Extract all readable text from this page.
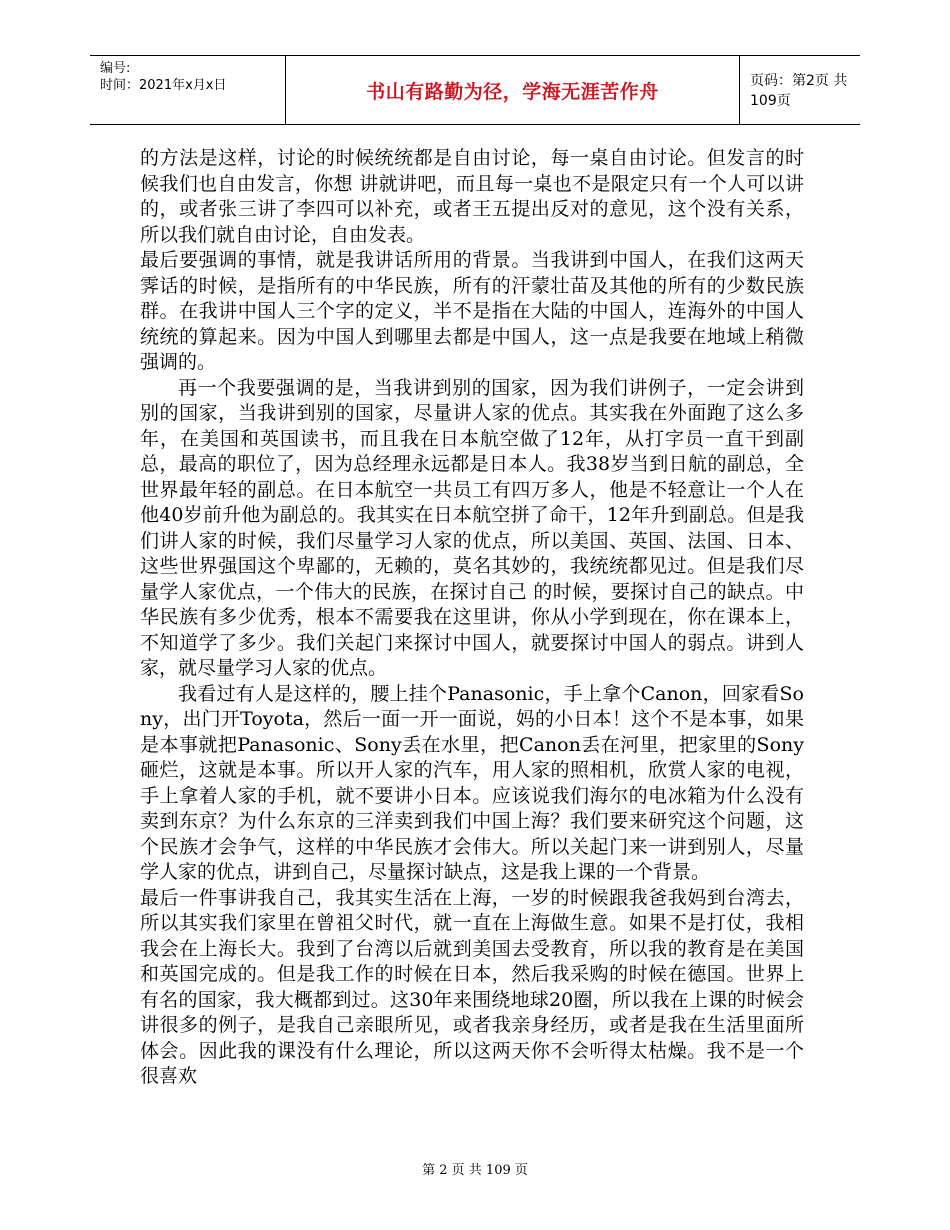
编号:
时间：2021年x月x日	书山有路勤为径，学海无涯苦作舟	页码：第2页 共109页

的方法是这样，讨论的时候统统都是自由讨论，每一桌自由讨论。但发言的时候我们也自由发言，你想 讲就讲吧，而且每一桌也不是限定只有一个人可以讲的，或者张三讲了李四可以补充，或者王五提出反对的意见，这个没有关系，所以我们就自由讨论，自由发表。

最后要强调的事情，就是我讲话所用的背景。当我讲到中国人，在我们这两天霁话的时候，是指所有的中华民族，所有的汗蒙壮苗及其他的所有的少数民族群。在我讲中国人三个字的定义，半不是指在大陆的中国人，连海外的中国人统统的算起来。因为中国人到哪里去都是中国人，这一点是我要在地域上稍微强调的。

再一个我要强调的是，当我讲到别的国家，因为我们讲例子，一定会讲到别的国家，当我讲到别的国家，尽量讲人家的优点。其实我在外面跑了这么多年，在美国和英国读书，而且我在日本航空做了12年，从打字员一直干到副总，最高的职位了，因为总经理永远都是日本人。我38岁当到日航的副总，全世界最年轻的副总。在日本航空一共员工有四万多人，他是不轻意让一个人在他40岁前升他为副总的。我其实在日本航空拼了命干，12年升到副总。但是我们讲人家的时候，我们尽量学习人家的优点，所以美国、英国、法国、日本、这些世界强国这个卑鄙的，无赖的，莫名其妙的，我统统都见过。但是我们尽量学人家优点，一个伟大的民族，在探讨自己 的时候，要探讨自己的缺点。中华民族有多少优秀，根本不需要我在这里讲，你从小学到现在，你在课本上，不知道学了多少。我们关起门来探讨中国人，就要探讨中国人的弱点。讲到人家，就尽量学习人家的优点。

我看过有人是这样的，腰上挂个Panasonic，手上拿个Canon，回家看Sony，出门开Toyota，然后一面一开一面说，妈的小日本！这个不是本事，如果是本事就把Panasonic、Sony丢在水里，把Canon丢在河里，把家里的Sony砸烂，这就是本事。所以开人家的汽车，用人家的照相机，欣赏人家的电视，手上拿着人家的手机，就不要讲小日本。应该说我们海尔的电冰箱为什么没有卖到东京？为什么东京的三洋卖到我们中国上海？我们要来研究这个问题，这个民族才会争气，这样的中华民族才会伟大。所以关起门来一讲到别人，尽量学人家的优点，讲到自己，尽量探讨缺点，这是我上课的一个背景。

最后一件事讲我自己，我其实生活在上海，一岁的时候跟我爸我妈到台湾去，所以其实我们家里在曾祖父时代，就一直在上海做生意。如果不是打仗，我相我会在上海长大。我到了台湾以后就到美国去受教育，所以我的教育是在美国和英国完成的。但是我工作的时候在日本，然后我采购的时候在德国。世界上有名的国家，我大概都到过。这30年来围绕地球20圈，所以我在上课的时候会讲很多的例子，是我自己亲眼所见，或者我亲身经历，或者是我在生活里面所体会。因此我的课没有什么理论，所以这两天你不会听得太枯燥。我不是一个很喜欢

第 2 页 共 109 页
